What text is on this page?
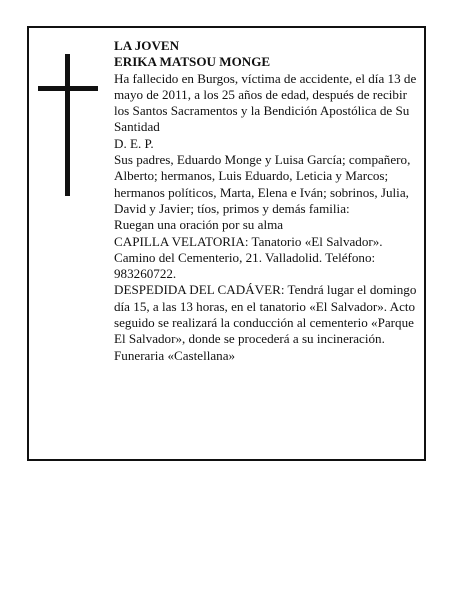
LA JOVEN

ERIKA MATSOU MONGE

Ha fallecido en Burgos, víctima de accidente, el día 13 de mayo de 2011, a los 25 años de edad, después de recibir los Santos Sacramentos y la Bendición Apostólica de Su Santidad

D. E. P.

Sus padres, Eduardo Monge y Luisa García; compañero, Alberto; hermanos, Luis Eduardo, Leticia y Marcos; hermanos políticos, Marta, Elena e Iván; sobrinos, Julia, David y Javier; tíos, primos y demás familia:

Ruegan una oración por su alma

CAPILLA VELATORIA: Tanatorio «El Salvador». Camino del Cementerio, 21. Valladolid. Teléfono: 983260722.

DESPEDIDA DEL CADÁVER: Tendrá lugar el domingo día 15, a las 13 horas, en el tanatorio «El Salvador». Acto seguido se realizará la conducción al cementerio «Parque El Salvador», donde se procederá a su incineración.

Funeraria «Castellana»
